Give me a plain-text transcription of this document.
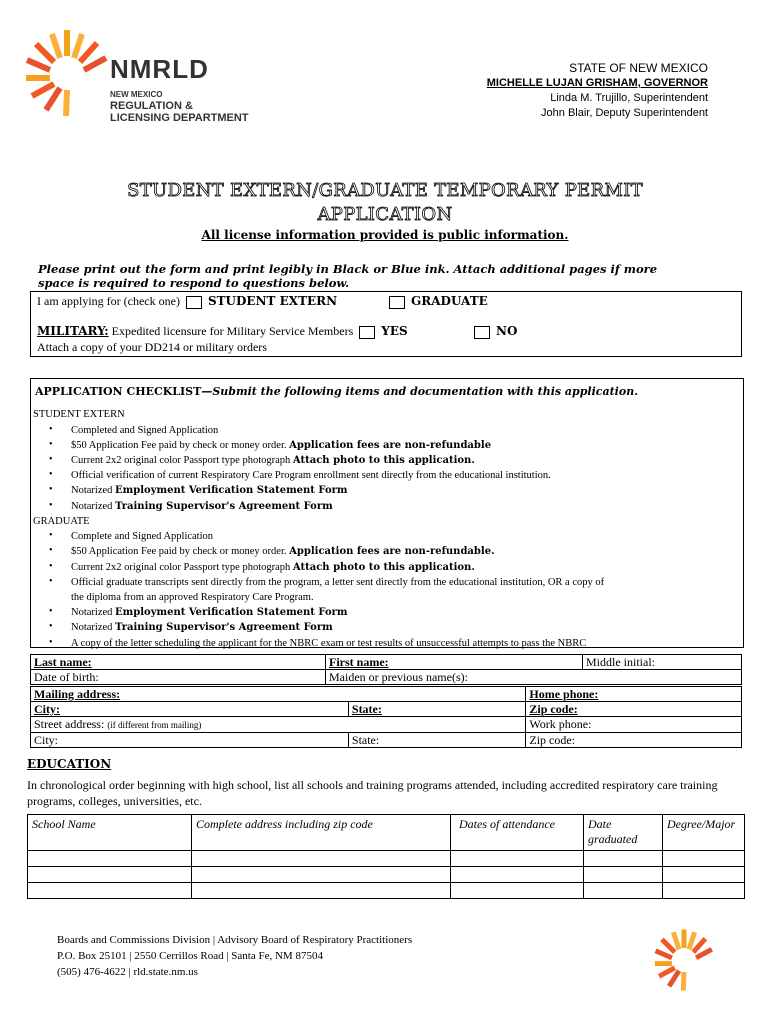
NMRLD
NEW MEXICO
REGULATION &
LICENSING DEPARTMENT
STATE OF NEW MEXICO
MICHELLE LUJAN GRISHAM, GOVERNOR
Linda M. Trujillo, Superintendent
John Blair, Deputy Superintendent
STUDENT EXTERN/GRADUATE TEMPORARY PERMIT
APPLICATION
All license information provided is public information.
Please print out the form and print legibly in Black or Blue ink. Attach additional pages if more space is required to respond to questions below.
I am applying for (check one) STUDENT EXTERN	GRADUATE
MILITARY: Expedited licensure for Military Service Members YES	NO
Attach a copy of your DD214 or military orders
APPLICATION CHECKLIST—Submit the following items and documentation with this application.
STUDENT EXTERN
• Completed and Signed Application
• $50 Application Fee paid by check or money order. Application fees are non-refundable
• Current 2x2 original color Passport type photograph Attach photo to this application.
• Official verification of current Respiratory Care Program enrollment sent directly from the educational institution.
• Notarized Employment Verification Statement Form
• Notarized Training Supervisor's Agreement Form
GRADUATE
• Complete and Signed Application
• $50 Application Fee paid by check or money order. Application fees are non-refundable.
• Current 2x2 original color Passport type photograph Attach photo to this application.
• Official graduate transcripts sent directly from the program, a letter sent directly from the educational institution, OR a copy of
the diploma from an approved Respiratory Care Program.
• Notarized Employment Verification Statement Form
• Notarized Training Supervisor's Agreement Form
• A copy of the letter scheduling the applicant for the NBRC exam or test results of unsuccessful attempts to pass the NBRC
Last name:	First name:	Middle initial:
Date of birth:	Maiden or previous name(s):	
Mailing address:		Home phone:
City:	State:	Zip code:
Street address: (if different from mailing)		Work phone:
City:	State:	Zip code:
EDUCATION
In chronological order beginning with high school, list all schools and training programs attended, including accredited respiratory care training programs, colleges, universities, etc.
School Name	Complete address including zip code	Dates of attendance	Date graduated	Degree/Major

Boards and Commissions Division | Advisory Board of Respiratory Practitioners
P.O. Box 25101 | 2550 Cerrillos Road | Santa Fe, NM 87504
(505) 476-4622 | rld.state.nm.us
